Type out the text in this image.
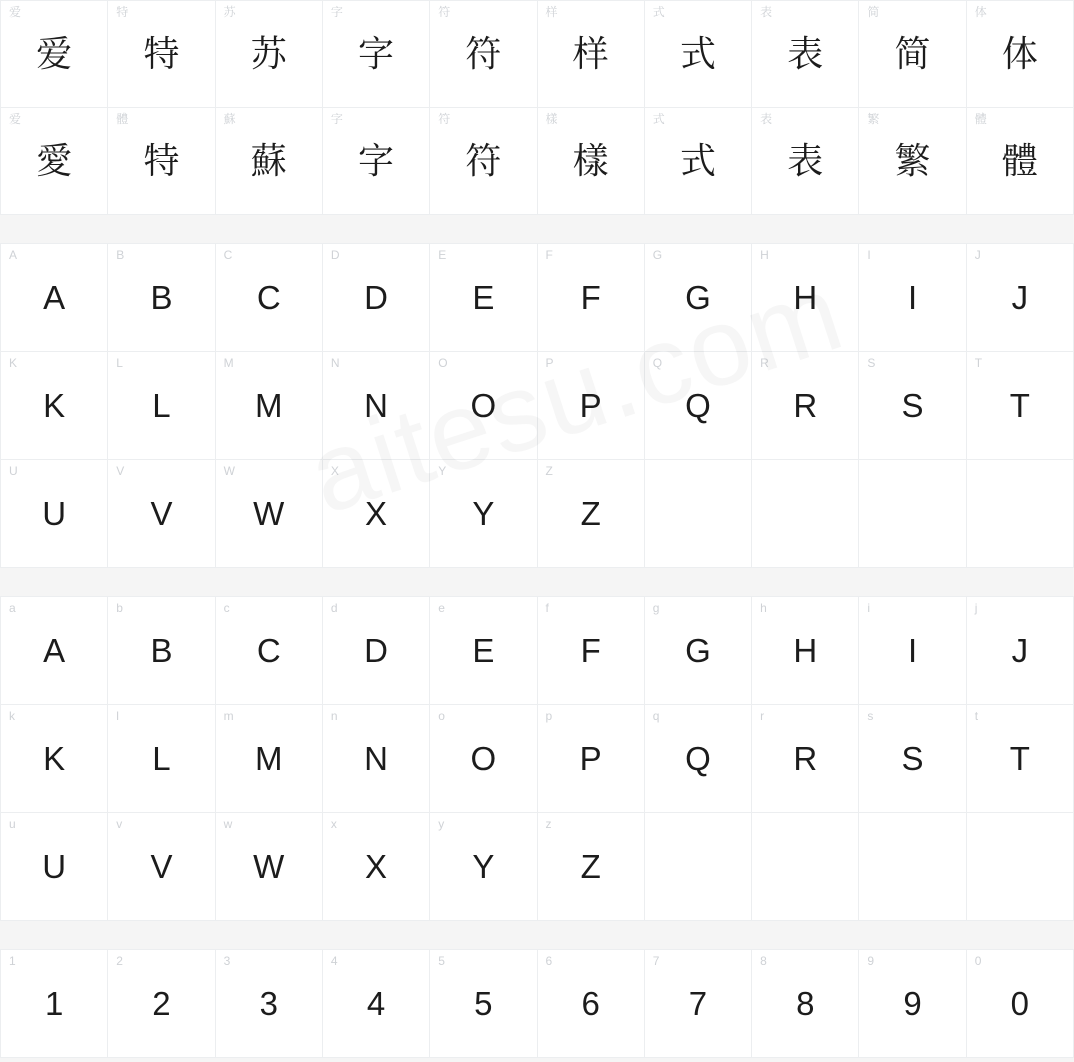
爱
爱
特
特
苏
苏
字
字
符
符
样
样
式
式
表
表
简
简
体
体
爱
愛
體
特
蘇
蘇
字
字
符
符
樣
樣
式
式
表
表
繁
繁
體
體
A
A
B
B
C
C
D
D
E
E
F
F
G
G
H
H
I
I
J
J
K
K
L
L
M
M
N
N
O
O
P
P
Q
Q
R
R
S
S
T
T
U
U
V
V
W
W
X
X
Y
Y
Z
Z
a
A
b
B
c
C
d
D
e
E
f
F
g
G
h
H
i
I
j
J
k
K
l
L
m
M
n
N
o
O
p
P
q
Q
r
R
s
S
t
T
u
U
v
V
w
W
x
X
y
Y
z
Z
1
1
2
2
3
3
4
4
5
5
6
6
7
7
8
8
9
9
0
0
